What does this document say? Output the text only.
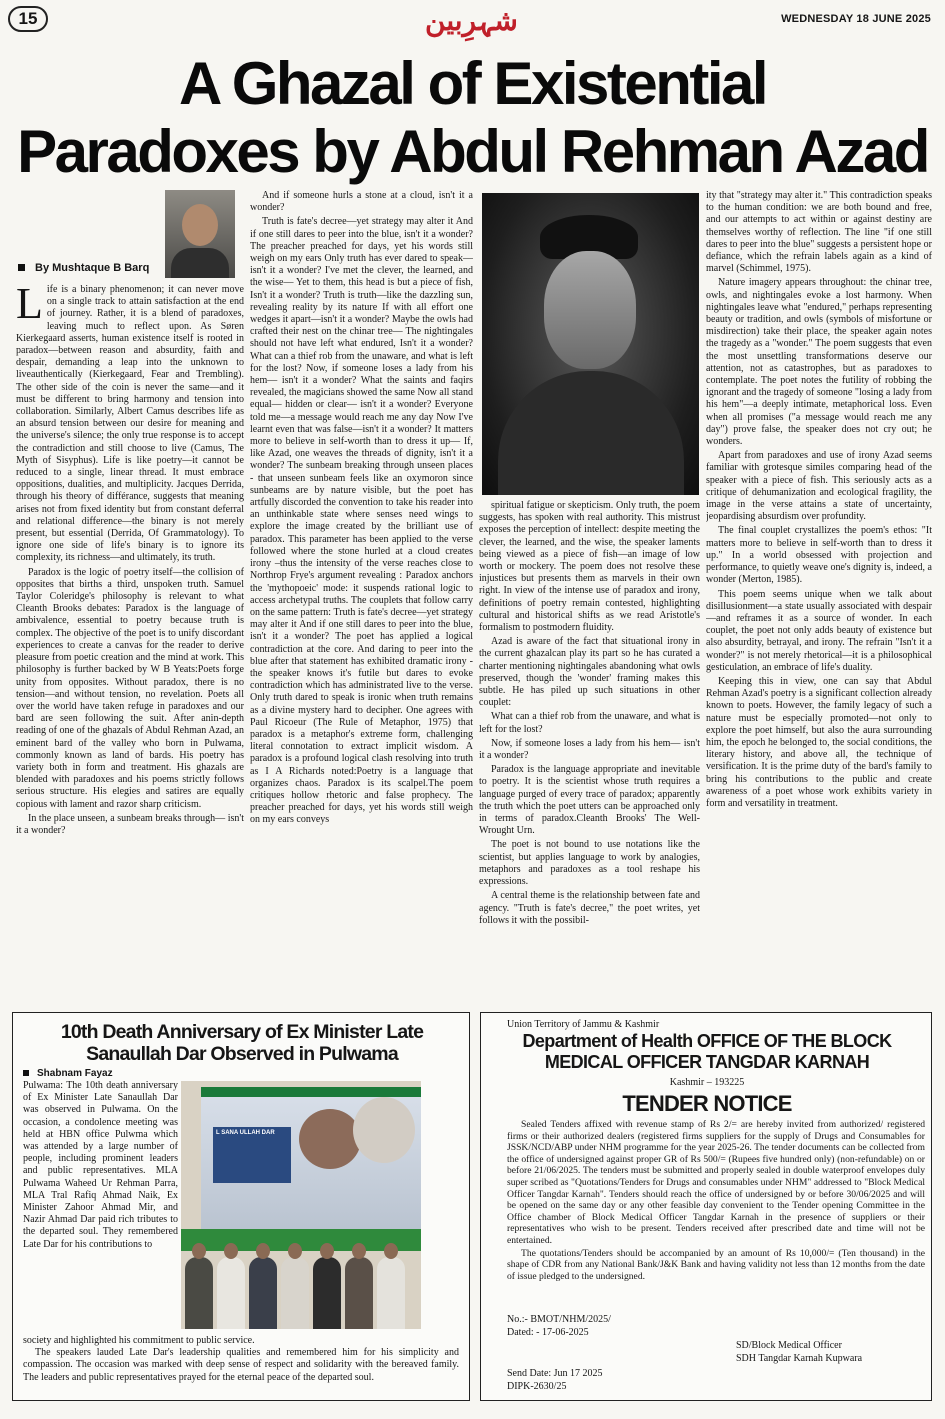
15	شہرِبین	WEDNESDAY 18 JUNE 2025
A Ghazal of Existential
Paradoxes by Abdul Rehman Azad
By Mushtaque B Barq

Life is a binary phenomenon; it can never move on a single track to attain satisfaction at the end of journey. Rather, it is a blend of paradoxes, leaving much to reflect upon. As Søren Kierkegaard asserts, human existence itself is rooted in paradox—between reason and absurdity, faith and despair, demanding a leap into the unknown to liveauthentically (Kierkegaard, Fear and Trembling). The other side of the coin is never the same—and it must be different to bring harmony and tension into collaboration. Similarly, Albert Camus describes life as an absurd tension between our desire for meaning and the universe's silence; the only true response is to accept the contradiction and still choose to live (Camus, The Myth of Sisyphus). Life is like poetry—it cannot be reduced to a single, linear thread. It must embrace oppositions, dualities, and multiplicity. Jacques Derrida, through his theory of différance, suggests that meaning arises not from fixed identity but from constant deferral and relational difference—the binary is not merely present, but essential (Derrida, Of Grammatology). To ignore one side of life's binary is to ignore its complexity, its richness—and ultimately, its truth.

Paradox is the logic of poetry itself—the collision of opposites that births a third, unspoken truth. Samuel Taylor Coleridge's philosophy is relevant to what Cleanth Brooks debates: Paradox is the language of ambivalence, essential to poetry because truth is complex. The objective of the poet is to unify discordant experiences to create a canvas for the reader to derive pleasure from poetic creation and the mind at work. This philosophy is further backed by W B Yeats:Poets forge unity from opposites. Without paradox, there is no tension—and without tension, no revelation. Poets all over the world have taken refuge in paradoxes and our bard are seen following the suit. After anin-depth reading of one of the ghazals of Abdul Rehman Azad, an eminent bard of the valley who born in Pulwama, commonly known as land of bards. His poetry has variety both in form and treatment. His ghazals are blended with paradoxes and his poems strictly follows serious structure. His elegies and satires are equally copious with lament and razor sharp criticism.

In the place unseen, a sunbeam breaks through— isn't it a wonder?

And if someone hurls a stone at a cloud, isn't it a wonder?

Truth is fate's decree—yet strategy may alter it And if one still dares to peer into the blue, isn't it a wonder? The preacher preached for days, yet his words still weigh on my ears Only truth has ever dared to speak— isn't it a wonder? I've met the clever, the learned, and the wise— Yet to them, this head is but a piece of fish, Isn't it a wonder? Truth is truth—like the dazzling sun, revealing reality by its nature If with all effort one wedges it apart—isn't it a wonder? Maybe the owls had crafted their nest on the chinar tree— The nightingales should not have left what endured, Isn't it a wonder? What can a thief rob from the unaware, and what is left for the lost? Now, if someone loses a lady from his hem— isn't it a wonder? What the saints and faqirs revealed, the magicians showed the same Now all stand equal— hidden or clear— isn't it a wonder? Everyone told me—a message would reach me any day Now I've learnt even that was false—isn't it a wonder? It matters more to believe in self-worth than to dress it up— If, like Azad, one weaves the threads of dignity, isn't it a wonder? The sunbeam breaking through unseen places - that unseen sunbeam feels like an oxymoron since sunbeams are by nature visible, but the poet has artfully discorded the convention to take his reader into an unthinkable state where senses need wings to explore the image created by the brilliant use of paradox. This parameter has been applied to the verse followed where the stone hurled at a cloud creates irony –thus the intensity of the verse reaches close to Northrop Frye's argument revealing : Paradox anchors the 'mythopoeic' mode: it suspends rational logic to access archetypal truths. The couplets that follow carry on the same pattern: Truth is fate's decree—yet strategy may alter it And if one still dares to peer into the blue, isn't it a wonder? The poet has applied a logical contradiction at the core. And daring to peer into the blue after that statement has exhibited dramatic irony - the speaker knows it's futile but dares to evoke contradiction which has administrated live to the verse. Only truth dared to speak is ironic when truth remains as a divine mystery hard to decipher. One agrees with Paul Ricoeur (The Rule of Metaphor, 1975) that paradox is a metaphor's extreme form, challenging literal connotation to extract implicit wisdom. A paradox is a profound logical clash resolving into truth as I A Richards noted:Poetry is a language that organizes chaos. Paradox is its scalpel.The poem critiques hollow rhetoric and false prophecy. The preacher preached for days, yet his words still weigh on my ears conveys

spiritual fatigue or skepticism. Only truth, the poem suggests, has spoken with real authority. This mistrust exposes the perception of intellect: despite meeting the clever, the learned, and the wise, the speaker laments being viewed as a piece of fish—an image of low worth or mockery. The poem does not resolve these injustices but presents them as marvels in their own right. In view of the intense use of paradox and irony, definitions of poetry remain contested, highlighting cultural and historical shifts as we read Aristotle's formalism to postmodern fluidity.

Azad is aware of the fact that situational irony in the current ghazalcan play its part so he has curated a charter mentioning nightingales abandoning what owls preserved, though the 'wonder' framing makes this subtle. He has piled up such situations in other couplet:

What can a thief rob from the unaware, and what is left for the lost?

Now, if someone loses a lady from his hem— isn't it a wonder?

Paradox is the language appropriate and inevitable to poetry. It is the scientist whose truth requires a language purged of every trace of paradox; apparently the truth which the poet utters can be approached only in terms of paradox.Cleanth Brooks' The Well-Wrought Urn.

The poet is not bound to use notations like the scientist, but applies language to work by analogies, metaphors and paradoxes as a tool reshape his expressions.

A central theme is the relationship between fate and agency. "Truth is fate's decree," the poet writes, yet follows it with the possibil-

ity that "strategy may alter it." This contradiction speaks to the human condition: we are both bound and free, and our attempts to act within or against destiny are themselves worthy of reflection. The line "if one still dares to peer into the blue" suggests a persistent hope or defiance, which the refrain labels again as a kind of marvel (Schimmel, 1975).

Nature imagery appears throughout: the chinar tree, owls, and nightingales evoke a lost harmony. When nightingales leave what "endured," perhaps representing beauty or tradition, and owls (symbols of misfortune or misdirection) take their place, the speaker again notes the tragedy as a "wonder." The poem suggests that even the most unsettling transformations deserve our attention, not as catastrophes, but as paradoxes to contemplate. The poet notes the futility of robbing the ignorant and the tragedy of someone "losing a lady from his hem"—a deeply intimate, metaphorical loss. Even when all promises ("a message would reach me any day") prove false, the speaker does not cry out; he wonders.

Apart from paradoxes and use of irony Azad seems familiar with grotesque similes comparing head of the speaker with a piece of fish. This seriously acts as a critique of dehumanization and ecological fragility, the image in the verse attains a state of uncertainty, jeopardising absurdism over profundity.

The final couplet crystallizes the poem's ethos: "It matters more to believe in self-worth than to dress it up." In a world obsessed with projection and performance, to quietly weave one's dignity is, indeed, a wonder (Merton, 1985).

This poem seems unique when we talk about disillusionment—a state usually associated with despair—and reframes it as a source of wonder. In each couplet, the poet not only adds beauty of existence but also absurdity, betrayal, and irony. The refrain "Isn't it a wonder?" is not merely rhetorical—it is a philosophical gesticulation, an embrace of life's duality.

Keeping this in view, one can say that Abdul Rehman Azad's poetry is a significant collection already known to poets. However, the family legacy of such a nature must be especially promoted—not only to explore the poet himself, but also the aura surrounding him, the epoch he belonged to, the social conditions, the literary history, and above all, the technique of versification. It is the prime duty of the bard's family to bring his contributions to the public and create awareness of a poet whose work exhibits variety in form and versatility in treatment.

10th Death Anniversary of Ex Minister Late
Sanaullah Dar Observed in Pulwama
Shabnam Fayaz
Pulwama: The 10th death anniversary of Ex Minister Late Sanaullah Dar was observed in Pulwama. On the occasion, a condolence meeting was held at HBN office Pulwma which was attended by a large number of people, including prominent leaders and public representatives. MLA Pulwama Waheed Ur Rehman Parra, MLA Tral Rafiq Ahmad Naik, Ex Minister Zahoor Ahmad Mir, and Nazir Ahmad Dar paid rich tributes to the departed soul. They remembered Late Dar for his contributions to
L SANA ULLAH DAR
society and highlighted his commitment to public service.

The speakers lauded Late Dar's leadership qualities and remembered him for his simplicity and compassion. The occasion was marked with deep sense of respect and solidarity with the bereaved family. The leaders and public representatives prayed for the eternal peace of the departed soul.

Union Territory of Jammu & Kashmir
Department of Health OFFICE OF THE BLOCK
MEDICAL OFFICER TANGDAR KARNAH
Kashmir – 193225
TENDER NOTICE

Sealed Tenders affixed with revenue stamp of Rs 2/= are hereby invited from authorized/ registered firms or their authorized dealers (registered firms suppliers for the supply of Drugs and Consumables for JSSK/NCD/ABP under NHM programme for the year 2025-26. The tender documents can be collected from the office of undersigned against proper GR of Rs 500/= (Rupees five hundred only) (non-refundable) on or before 21/06/2025. The tenders must be submitted and properly sealed in double waterproof envelopes duly super scribed as "Quotations/Tenders for Drugs and consumables under NHM" addressed to "Block Medical Officer Tangdar Karnah". Tenders should reach the office of undersigned by or before 30/06/2025 and will be opened on the same day or any other feasible day convenient to the Tender opening Committee in the Office chamber of Block Medical Officer Tangdar Karnah in the presence of suppliers or their representatives who wish to be present. Tenders received after prescribed date and time will not be entertained.

The quotations/Tenders should be accompanied by an amount of Rs 10,000/= (Ten thousand) in the shape of CDR from any National Bank/J&K Bank and having validity not less than 12 months from the date of issue pledged to the undersigned.

No.:- BMOT/NHM/2025/
Dated: - 17-06-2025
SD/Block Medical Officer
SDH Tangdar Karnah Kupwara
Send Date: Jun 17 2025
DIPK-2630/25
